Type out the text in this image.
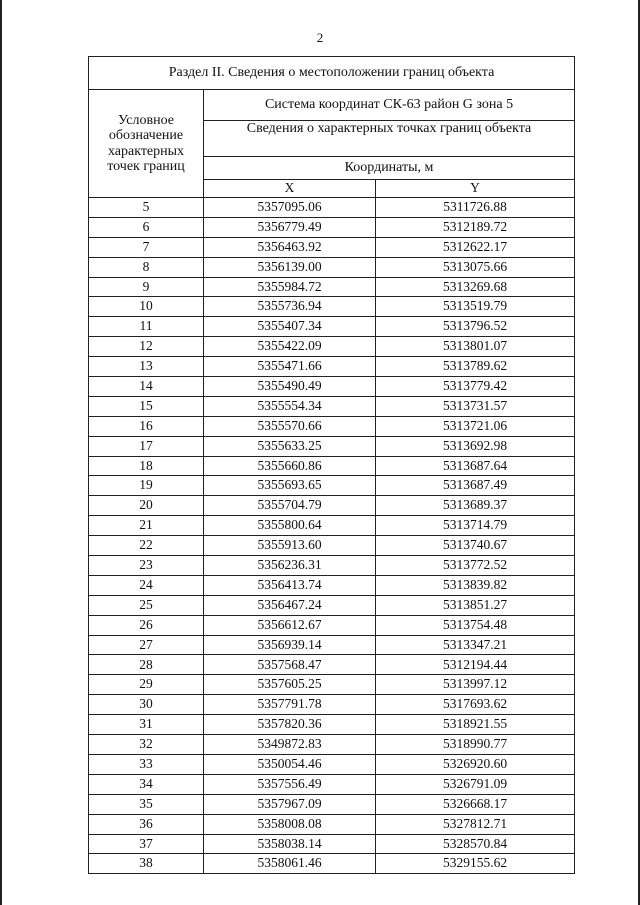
2
Раздел II. Сведения о местоположении границ объекта		
Условное
обозначение
характерных
точек границ	Система координат СК-63 район G зона 5	
	Сведения о характерных точках границ объекта	
	Координаты, м	
	X	Y
5	5357095.06	5311726.88
6	5356779.49	5312189.72
7	5356463.92	5312622.17
8	5356139.00	5313075.66
9	5355984.72	5313269.68
10	5355736.94	5313519.79
11	5355407.34	5313796.52
12	5355422.09	5313801.07
13	5355471.66	5313789.62
14	5355490.49	5313779.42
15	5355554.34	5313731.57
16	5355570.66	5313721.06
17	5355633.25	5313692.98
18	5355660.86	5313687.64
19	5355693.65	5313687.49
20	5355704.79	5313689.37
21	5355800.64	5313714.79
22	5355913.60	5313740.67
23	5356236.31	5313772.52
24	5356413.74	5313839.82
25	5356467.24	5313851.27
26	5356612.67	5313754.48
27	5356939.14	5313347.21
28	5357568.47	5312194.44
29	5357605.25	5313997.12
30	5357791.78	5317693.62
31	5357820.36	5318921.55
32	5349872.83	5318990.77
33	5350054.46	5326920.60
34	5357556.49	5326791.09
35	5357967.09	5326668.17
36	5358008.08	5327812.71
37	5358038.14	5328570.84
38	5358061.46	5329155.62
